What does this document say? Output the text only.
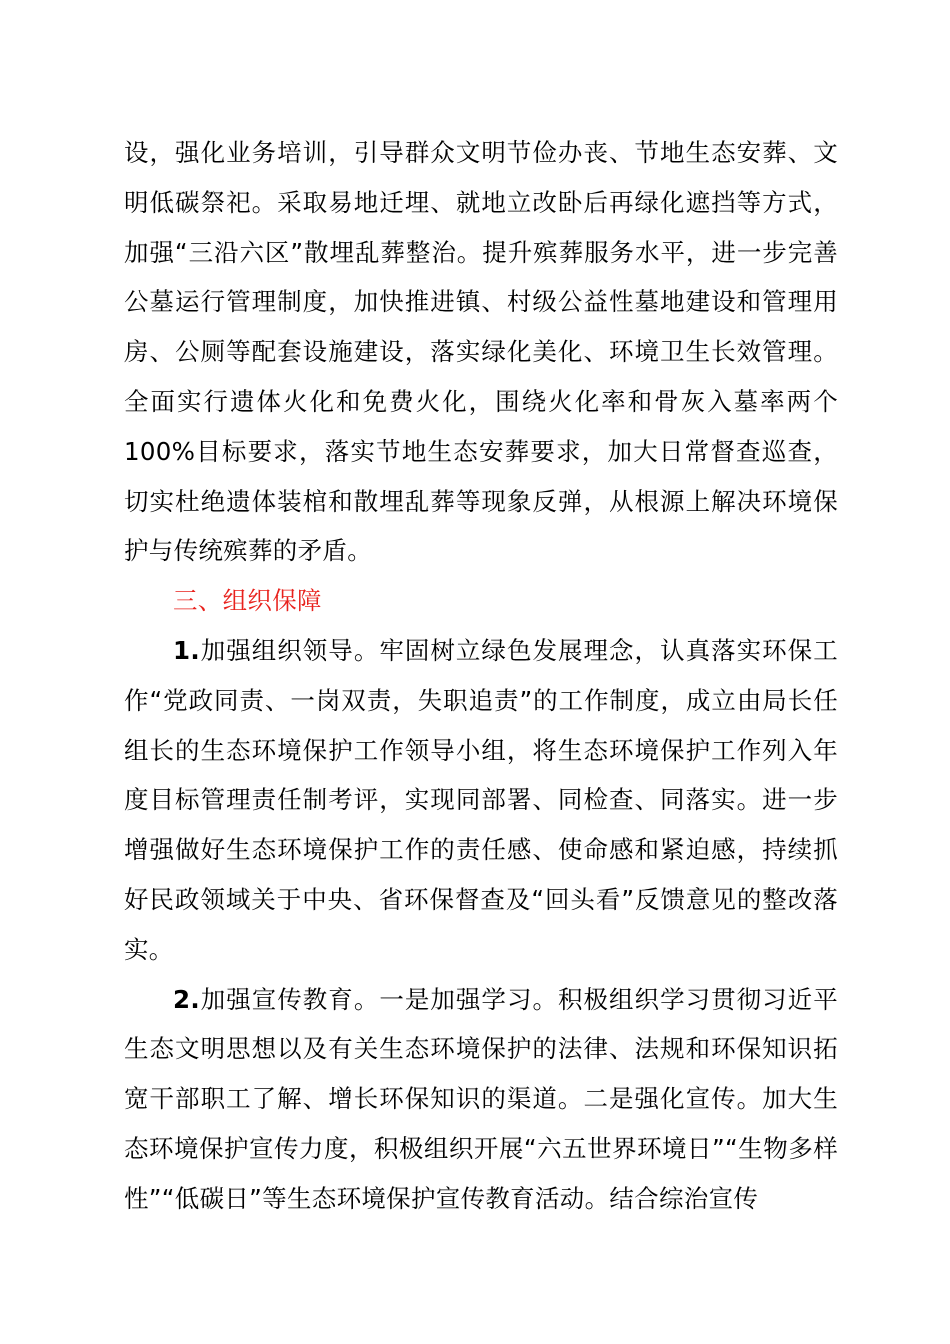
设，强化业务培训，引导群众文明节俭办丧、节地生态安葬、文明低碳祭祀。采取易地迁埋、就地立改卧后再绿化遮挡等方式，加强“三沿六区”散埋乱葬整治。提升殡葬服务水平，进一步完善公墓运行管理制度，加快推进镇、村级公益性墓地建设和管理用房、公厕等配套设施建设，落实绿化美化、环境卫生长效管理。全面实行遗体火化和免费火化，围绕火化率和骨灰入墓率两个100%目标要求，落实节地生态安葬要求，加大日常督查巡查，切实杜绝遗体装棺和散埋乱葬等现象反弹，从根源上解决环境保护与传统殡葬的矛盾。

三、组织保障

1.加强组织领导。牢固树立绿色发展理念，认真落实环保工作“党政同责、一岗双责，失职追责”的工作制度，成立由局长任组长的生态环境保护工作领导小组，将生态环境保护工作列入年度目标管理责任制考评，实现同部署、同检查、同落实。进一步增强做好生态环境保护工作的责任感、使命感和紧迫感，持续抓好民政领域关于中央、省环保督查及“回头看”反馈意见的整改落实。

2.加强宣传教育。一是加强学习。积极组织学习贯彻习近平生态文明思想以及有关生态环境保护的法律、法规和环保知识拓宽干部职工了解、增长环保知识的渠道。二是强化宣传。加大生态环境保护宣传力度，积极组织开展“六五世界环境日”“生物多样性”“低碳日”等生态环境保护宣传教育活动。结合综治宣传
